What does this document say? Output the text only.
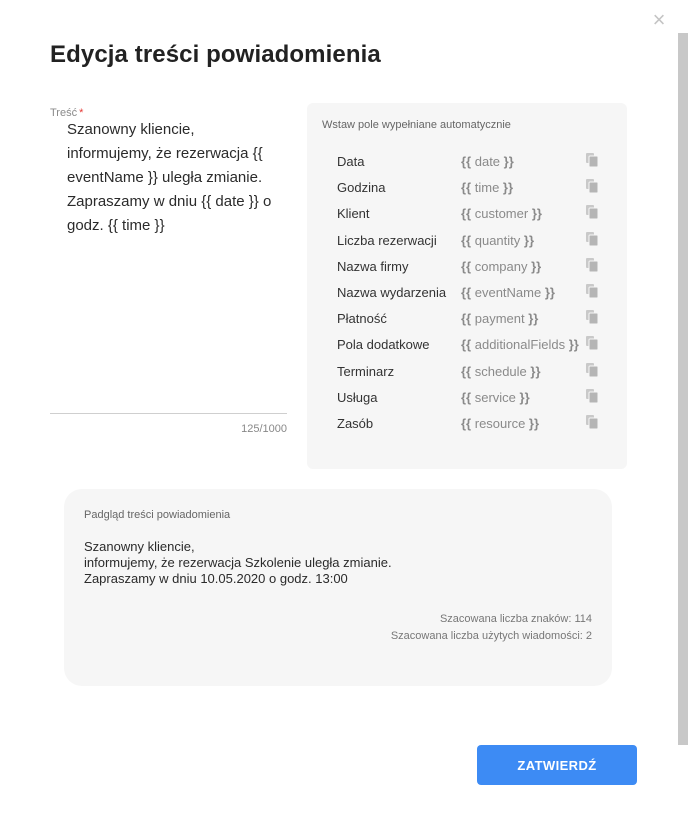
×
Edycja treści powiadomienia
Treść *
Szanowny kliencie, informujemy, że rezerwacja {{ eventName }} uległa zmianie. Zapraszamy w dniu {{ date }} o godz. {{ time }}
125/1000
Wstaw pole wypełniane automatycznie
Data	{{ date }}
Godzina	{{ time }}
Klient	{{ customer }}
Liczba rezerwacji {{ quantity }}
Nazwa firmy	{{ company }}
Nazwa wydarzenia {{ eventName }}
Płatność	{{ payment }}
Pola dodatkowe {{ additionalFields }}
Terminarz	{{ schedule }}
Usługa	{{ service }}
Zasób	{{ resource }}
Padgląd treści powiadomienia
Szanowny kliencie,
informujemy, że rezerwacja Szkolenie uległa zmianie.
Zapraszamy w dniu 10.05.2020 o godz. 13:00
Szacowana liczba znaków: 114
Szacowana liczba użytych wiadomości: 2
ZATWIERDŹ
